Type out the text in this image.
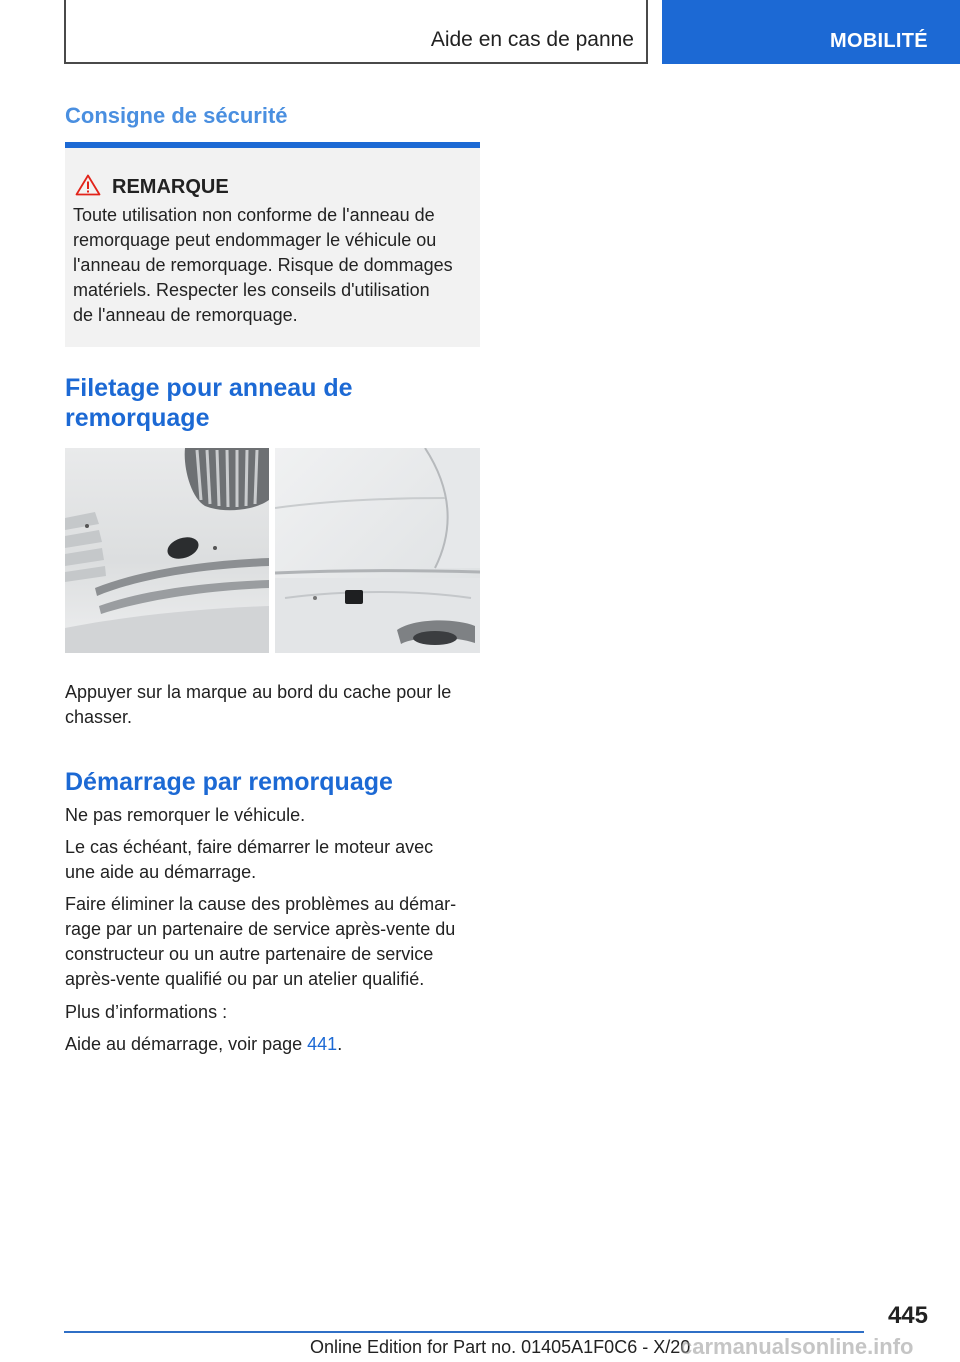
Aide en cas de panne	MOBILITÉ
Consigne de sécurité
REMARQUE
Toute utilisation non conforme de l'anneau de
remorquage peut endommager le véhicule ou
l'anneau de remorquage. Risque de dommages
matériels. Respecter les conseils d'utilisation
de l'anneau de remorquage.
Filetage pour anneau de
remorquage

Appuyer sur la marque au bord du cache pour le
chasser.

Démarrage par remorquage

Ne pas remorquer le véhicule.

Le cas échéant, faire démarrer le moteur avec
une aide au démarrage.

Faire éliminer la cause des problèmes au démar-
rage par un partenaire de service après-vente du
constructeur ou un autre partenaire de service
après-vente qualifié ou par un atelier qualifié.

Plus d’informations :

Aide au démarrage, voir page 441.

445
Online Edition for Part no. 01405A1F0C6 - X/20
carmanualsonline.info
